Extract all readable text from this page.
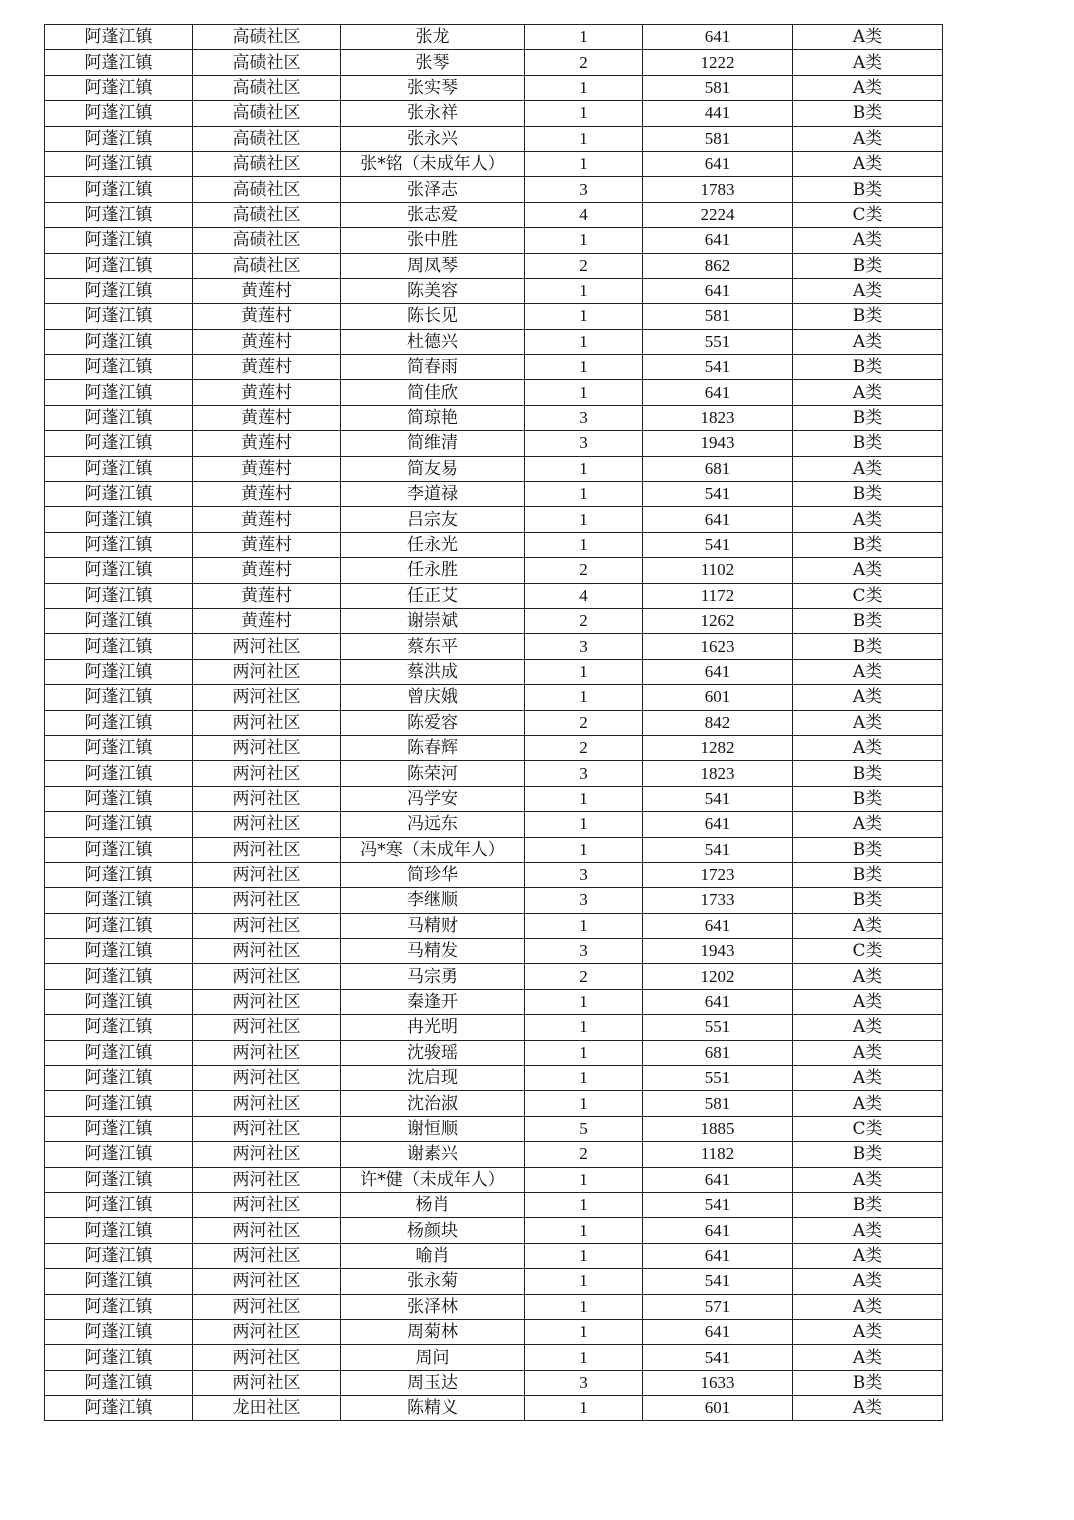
阿蓬江镇	高碛社区	张龙	1	641	A类
阿蓬江镇	高碛社区	张琴	2	1222	A类
阿蓬江镇	高碛社区	张实琴	1	581	A类
阿蓬江镇	高碛社区	张永祥	1	441	B类
阿蓬江镇	高碛社区	张永兴	1	581	A类
阿蓬江镇	高碛社区	张*铭（未成年人）	1	641	A类
阿蓬江镇	高碛社区	张泽志	3	1783	B类
阿蓬江镇	高碛社区	张志爱	4	2224	C类
阿蓬江镇	高碛社区	张中胜	1	641	A类
阿蓬江镇	高碛社区	周凤琴	2	862	B类
阿蓬江镇	黄莲村	陈美容	1	641	A类
阿蓬江镇	黄莲村	陈长见	1	581	B类
阿蓬江镇	黄莲村	杜德兴	1	551	A类
阿蓬江镇	黄莲村	简春雨	1	541	B类
阿蓬江镇	黄莲村	简佳欣	1	641	A类
阿蓬江镇	黄莲村	简琼艳	3	1823	B类
阿蓬江镇	黄莲村	简维清	3	1943	B类
阿蓬江镇	黄莲村	简友易	1	681	A类
阿蓬江镇	黄莲村	李道禄	1	541	B类
阿蓬江镇	黄莲村	吕宗友	1	641	A类
阿蓬江镇	黄莲村	任永光	1	541	B类
阿蓬江镇	黄莲村	任永胜	2	1102	A类
阿蓬江镇	黄莲村	任正艾	4	1172	C类
阿蓬江镇	黄莲村	谢崇斌	2	1262	B类
阿蓬江镇	两河社区	蔡东平	3	1623	B类
阿蓬江镇	两河社区	蔡洪成	1	641	A类
阿蓬江镇	两河社区	曾庆娥	1	601	A类
阿蓬江镇	两河社区	陈爱容	2	842	A类
阿蓬江镇	两河社区	陈春辉	2	1282	A类
阿蓬江镇	两河社区	陈荣河	3	1823	B类
阿蓬江镇	两河社区	冯学安	1	541	B类
阿蓬江镇	两河社区	冯远东	1	641	A类
阿蓬江镇	两河社区	冯*寒（未成年人）	1	541	B类
阿蓬江镇	两河社区	简珍华	3	1723	B类
阿蓬江镇	两河社区	李继顺	3	1733	B类
阿蓬江镇	两河社区	马精财	1	641	A类
阿蓬江镇	两河社区	马精发	3	1943	C类
阿蓬江镇	两河社区	马宗勇	2	1202	A类
阿蓬江镇	两河社区	秦逢开	1	641	A类
阿蓬江镇	两河社区	冉光明	1	551	A类
阿蓬江镇	两河社区	沈骏瑶	1	681	A类
阿蓬江镇	两河社区	沈启现	1	551	A类
阿蓬江镇	两河社区	沈治淑	1	581	A类
阿蓬江镇	两河社区	谢恒顺	5	1885	C类
阿蓬江镇	两河社区	谢素兴	2	1182	B类
阿蓬江镇	两河社区	许*健（未成年人）	1	641	A类
阿蓬江镇	两河社区	杨肖	1	541	B类
阿蓬江镇	两河社区	杨颜块	1	641	A类
阿蓬江镇	两河社区	喻肖	1	641	A类
阿蓬江镇	两河社区	张永菊	1	541	A类
阿蓬江镇	两河社区	张泽林	1	571	A类
阿蓬江镇	两河社区	周菊林	1	641	A类
阿蓬江镇	两河社区	周问	1	541	A类
阿蓬江镇	两河社区	周玉达	3	1633	B类
阿蓬江镇	龙田社区	陈精义	1	601	A类
